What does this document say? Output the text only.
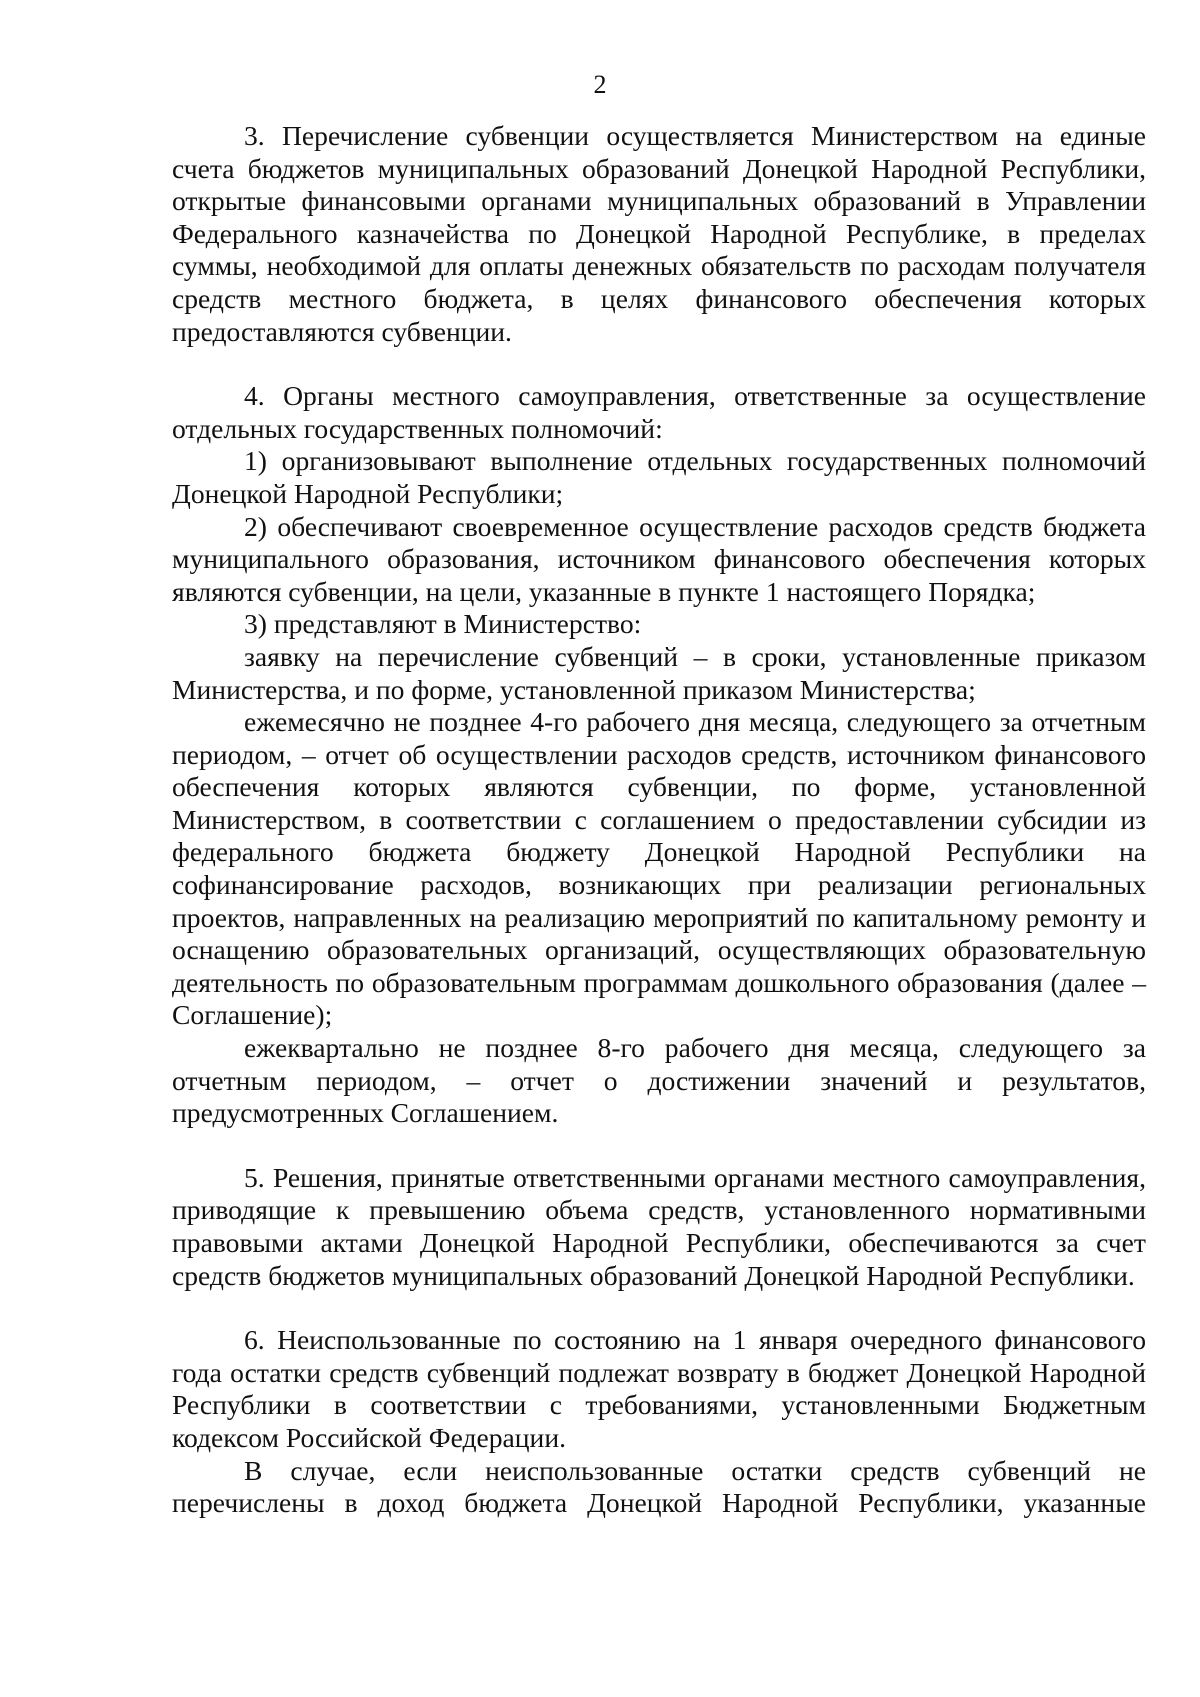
2

3. Перечисление субвенции осуществляется Министерством на единые счета бюджетов муниципальных образований Донецкой Народной Республики, открытые финансовыми органами муниципальных образований в Управлении Федерального казначейства по Донецкой Народной Республике, в пределах суммы, необходимой для оплаты денежных обязательств по расходам получателя средств местного бюджета, в целях финансового обеспечения которых предоставляются субвенции.

4. Органы местного самоуправления, ответственные за осуществление отдельных государственных полномочий:

1) организовывают выполнение отдельных государственных полномочий Донецкой Народной Республики;

2) обеспечивают своевременное осуществление расходов средств бюджета муниципального образования, источником финансового обеспечения которых являются субвенции, на цели, указанные в пункте 1 настоящего Порядка;

3) представляют в Министерство:

заявку на перечисление субвенций – в сроки, установленные приказом Министерства, и по форме, установленной приказом Министерства;

ежемесячно не позднее 4-го рабочего дня месяца, следующего за отчетным периодом, – отчет об осуществлении расходов средств, источником финансового обеспечения которых являются субвенции, по форме, установленной Министерством, в соответствии с соглашением о предоставлении субсидии из федерального бюджета бюджету Донецкой Народной Республики на софинансирование расходов, возникающих при реализации региональных проектов, направленных на реализацию мероприятий по капитальному ремонту и оснащению образовательных организаций, осуществляющих образовательную деятельность по образовательным программам дошкольного образования (далее – Соглашение);

ежеквартально не позднее 8-го рабочего дня месяца, следующего за отчетным периодом, – отчет о достижении значений и результатов, предусмотренных Соглашением.

5. Решения, принятые ответственными органами местного самоуправления, приводящие к превышению объема средств, установленного нормативными правовыми актами Донецкой Народной Республики, обеспечиваются за счет средств бюджетов муниципальных образований Донецкой Народной Республики.

6. Неиспользованные по состоянию на 1 января очередного финансового года остатки средств субвенций подлежат возврату в бюджет Донецкой Народной Республики в соответствии с требованиями, установленными Бюджетным кодексом Российской Федерации.

В случае, если неиспользованные остатки средств субвенций не перечислены в доход бюджета Донецкой Народной Республики, указанные
